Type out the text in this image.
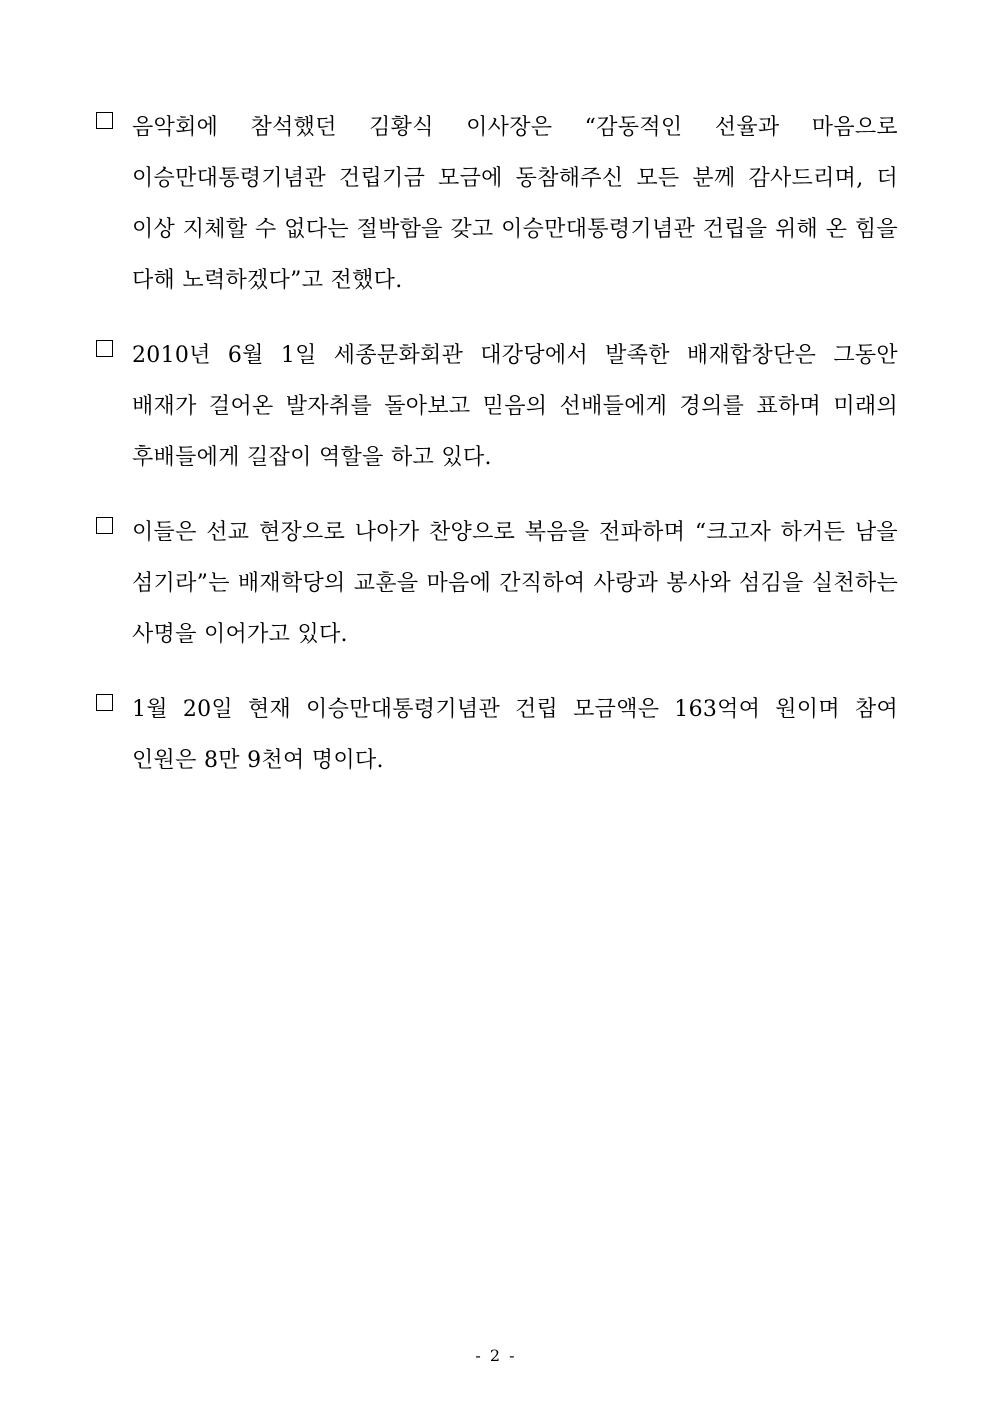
음악회에 참석했던 김황식 이사장은 “감동적인 선율과 마음으로 이승만대통령기념관 건립기금 모금에 동참해주신 모든 분께 감사드리며, 더 이상 지체할 수 없다는 절박함을 갖고 이승만대통령기념관 건립을 위해 온 힘을 다해 노력하겠다”고 전했다.
2010년 6월 1일 세종문화회관 대강당에서 발족한 배재합창단은 그동안 배재가 걸어온 발자취를 돌아보고 믿음의 선배들에게 경의를 표하며 미래의 후배들에게 길잡이 역할을 하고 있다.
이들은 선교 현장으로 나아가 찬양으로 복음을 전파하며 “크고자 하거든 남을 섬기라”는 배재학당의 교훈을 마음에 간직하여 사랑과 봉사와 섬김을 실천하는 사명을 이어가고 있다.
1월 20일 현재 이승만대통령기념관 건립 모금액은 163억여 원이며 참여 인원은 8만 9천여 명이다.
- 2 -
